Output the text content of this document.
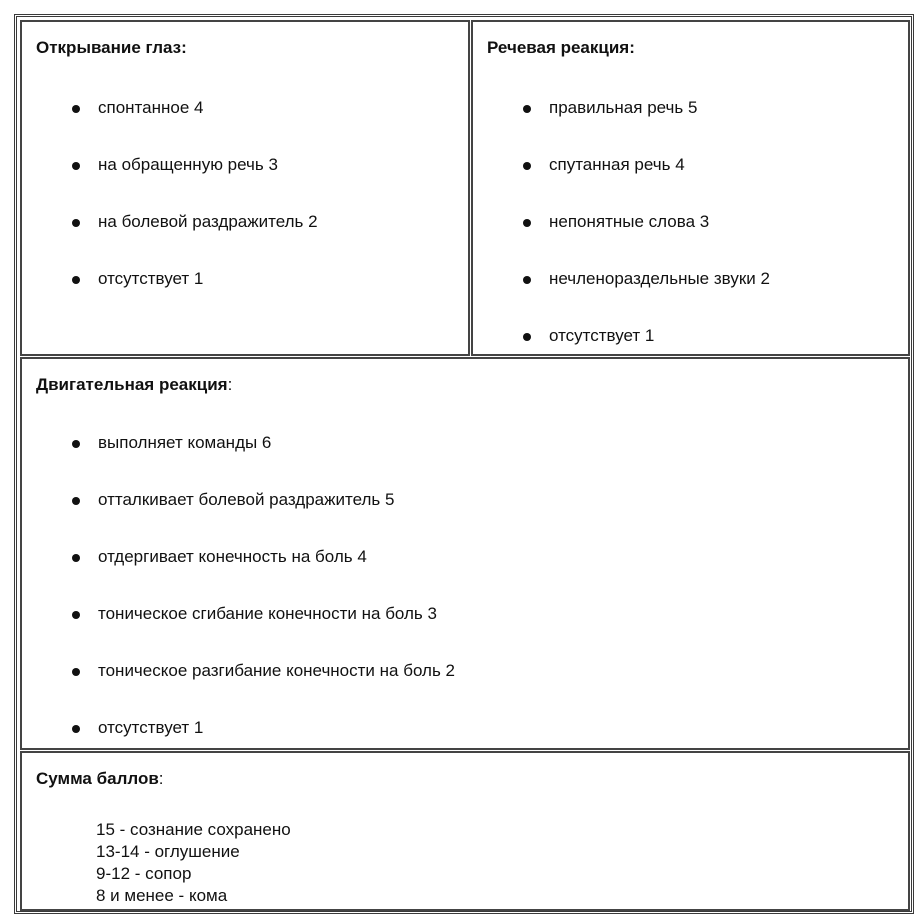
Открывание глаз:
спонтанное 4
на обращенную речь 3
на болевой раздражитель 2
отсутствует 1
Речевая реакция:
правильная речь 5
спутанная речь 4
непонятные слова 3
нечленораздельные звуки 2
отсутствует 1
Двигательная реакция:
выполняет команды 6
отталкивает болевой раздражитель 5
отдергивает конечность на боль 4
тоническое сгибание конечности на боль 3
тоническое разгибание конечности на боль 2
отсутствует 1
Сумма баллов:
15 - сознание сохранено
13-14 - оглушение
9-12 - сопор
8 и менее - кома
